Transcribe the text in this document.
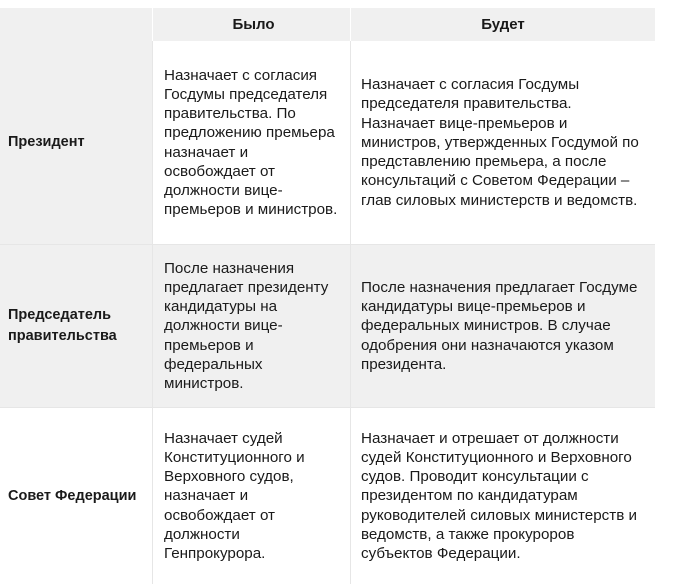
Было	Будет
Президент
Назначает с согласия Госдумы председателя правительства. По предложению премьера назначает и освобождает от должности вице-премьеров и министров.
Назначает с согласия Госдумы председателя правительства. Назначает вице-премьеров и министров, утвержденных Госдумой по представлению премьера, а после консультаций с Советом Федерации – глав силовых министерств и ведомств.
Председатель правительства
После назначения предлагает президенту кандидатуры на должности вице-премьеров и федеральных министров.
После назначения предлагает Госдуме кандидатуры вице-премьеров и федеральных министров. В случае одобрения они назначаются указом президента.
Совет Федерации
Назначает судей Конституционного и Верховного судов, назначает и освобождает от должности Генпрокурора.
Назначает и отрешает от должности судей Конституционного и Верховного судов. Проводит консультации с президентом по кандидатурам руководителей силовых министерств и ведомств, а также прокуроров субъектов Федерации.
